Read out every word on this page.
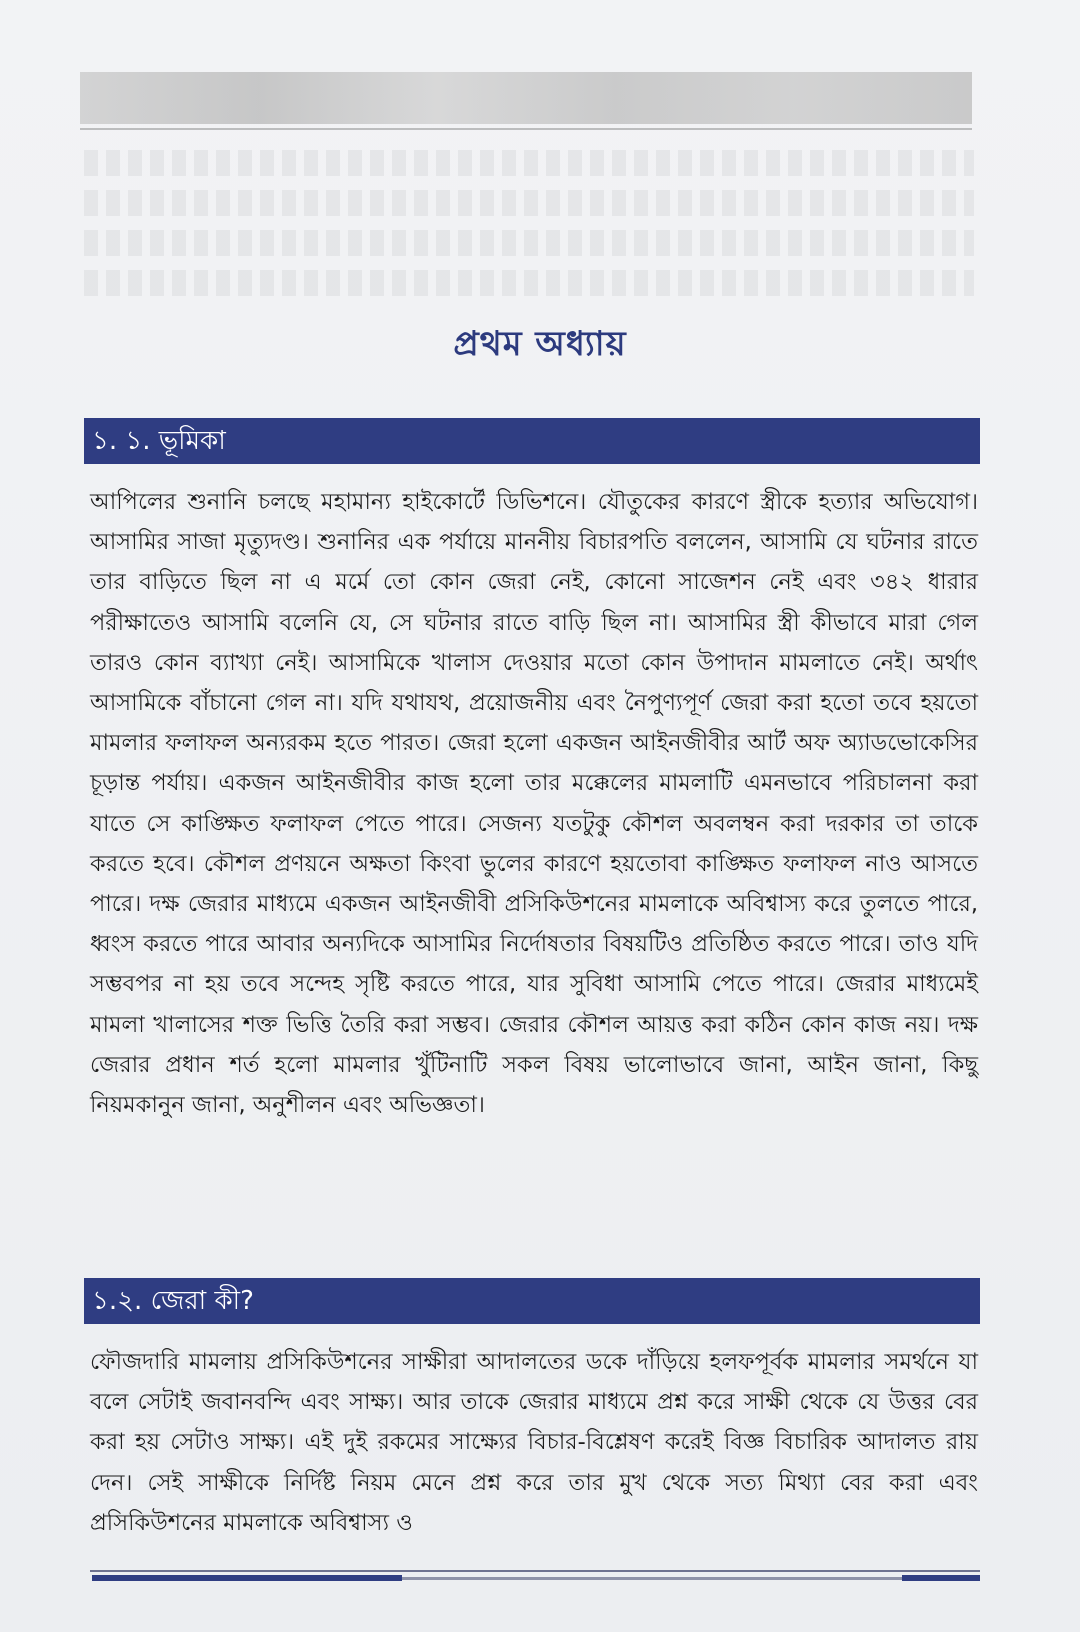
প্রথম অধ্যায়
১. ১. ভূমিকা
আপিলের শুনানি চলছে মহামান্য হাইকোর্টে ডিভিশনে। যৌতুকের কারণে স্ত্রীকে হত্যার অভিযোগ। আসামির সাজা মৃত্যুদণ্ড। শুনানির এক পর্যায়ে মাননীয় বিচারপতি বললেন, আসামি যে ঘটনার রাতে তার বাড়িতে ছিল না এ মর্মে তো কোন জেরা নেই, কোনো সাজেশন নেই এবং ৩৪২ ধারার পরীক্ষাতেও আসামি বলেনি যে, সে ঘটনার রাতে বাড়ি ছিল না। আসামির স্ত্রী কীভাবে মারা গেল তারও কোন ব্যাখ্যা নেই। আসামিকে খালাস দেওয়ার মতো কোন উপাদান মামলাতে নেই। অর্থাৎ আসামিকে বাঁচানো গেল না। যদি যথাযথ, প্রয়োজনীয় এবং নৈপুণ্যপূর্ণ জেরা করা হতো তবে হয়তো মামলার ফলাফল অন্যরকম হতে পারত। জেরা হলো একজন আইনজীবীর আর্ট অফ অ্যাডভোকেসির চূড়ান্ত পর্যায়। একজন আইনজীবীর কাজ হলো তার মক্কেলের মামলাটি এমনভাবে পরিচালনা করা যাতে সে কাঙ্ক্ষিত ফলাফল পেতে পারে। সেজন্য যতটুকু কৌশল অবলম্বন করা দরকার তা তাকে করতে হবে। কৌশল প্রণয়নে অক্ষতা কিংবা ভুলের কারণে হয়তোবা কাঙ্ক্ষিত ফলাফল নাও আসতে পারে। দক্ষ জেরার মাধ্যমে একজন আইনজীবী প্রসিকিউশনের মামলাকে অবিশ্বাস্য করে তুলতে পারে, ধ্বংস করতে পারে আবার অন্যদিকে আসামির নির্দোষতার বিষয়টিও প্রতিষ্ঠিত করতে পারে। তাও যদি সম্ভবপর না হয় তবে সন্দেহ সৃষ্টি করতে পারে, যার সুবিধা আসামি পেতে পারে। জেরার মাধ্যমেই মামলা খালাসের শক্ত ভিত্তি তৈরি করা সম্ভব। জেরার কৌশল আয়ত্ত করা কঠিন কোন কাজ নয়। দক্ষ জেরার প্রধান শর্ত হলো মামলার খুঁটিনাটি সকল বিষয় ভালোভাবে জানা, আইন জানা, কিছু নিয়মকানুন জানা, অনুশীলন এবং অভিজ্ঞতা।
১.২. জেরা কী?
ফৌজদারি মামলায় প্রসিকিউশনের সাক্ষীরা আদালতের ডকে দাঁড়িয়ে হলফপূর্বক মামলার সমর্থনে যা বলে সেটাই জবানবন্দি এবং সাক্ষ্য। আর তাকে জেরার মাধ্যমে প্রশ্ন করে সাক্ষী থেকে যে উত্তর বের করা হয় সেটাও সাক্ষ্য। এই দুই রকমের সাক্ষ্যের বিচার-বিশ্লেষণ করেই বিজ্ঞ বিচারিক আদালত রায় দেন। সেই সাক্ষীকে নির্দিষ্ট নিয়ম মেনে প্রশ্ন করে তার মুখ থেকে সত্য মিথ্যা বের করা এবং প্রসিকিউশনের মামলাকে অবিশ্বাস্য ও
